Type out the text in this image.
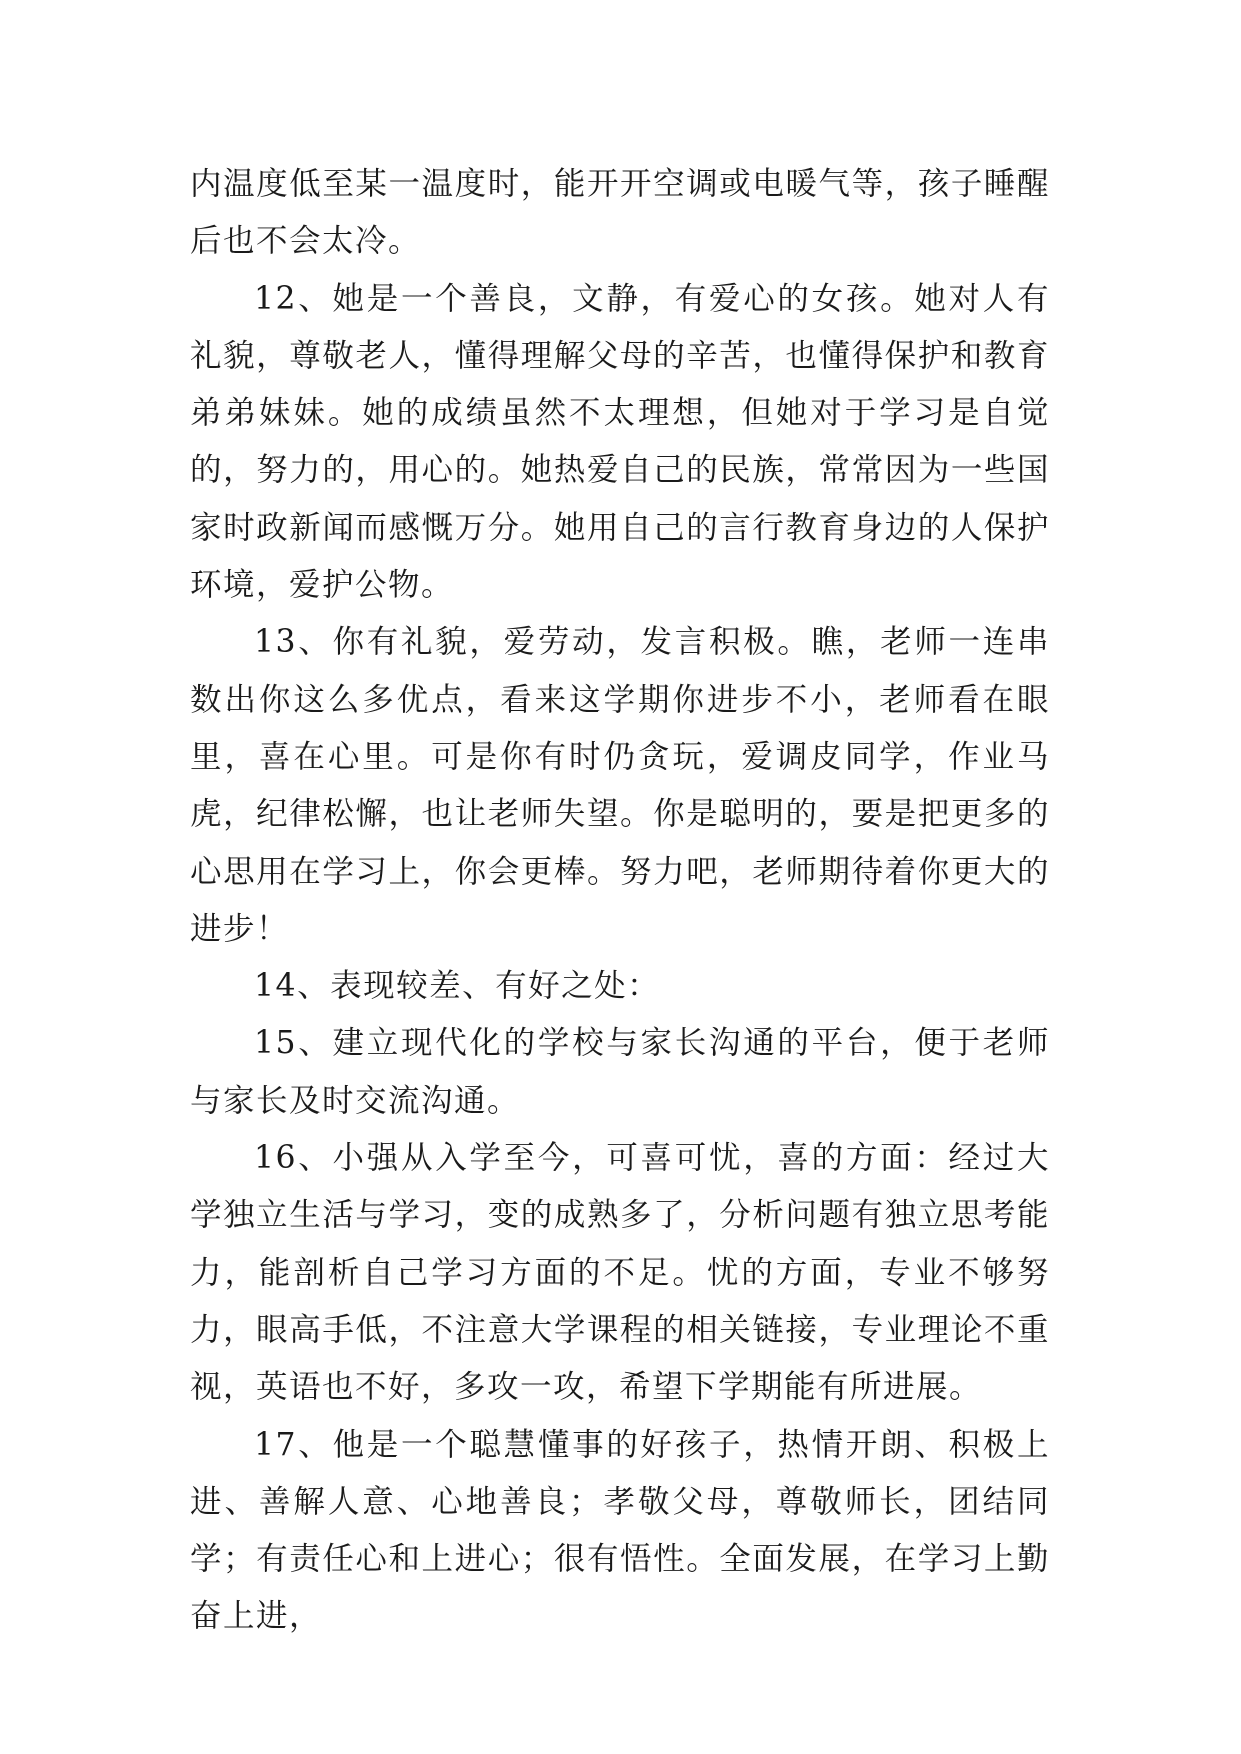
内温度低至某一温度时，能开开空调或电暖气等，孩子睡醒后也不会太冷。

12、她是一个善良，文静，有爱心的女孩。她对人有礼貌，尊敬老人，懂得理解父母的辛苦，也懂得保护和教育弟弟妹妹。她的成绩虽然不太理想，但她对于学习是自觉的，努力的，用心的。她热爱自己的民族，常常因为一些国家时政新闻而感慨万分。她用自己的言行教育身边的人保护环境，爱护公物。

13、你有礼貌，爱劳动，发言积极。瞧，老师一连串数出你这么多优点，看来这学期你进步不小，老师看在眼里，喜在心里。可是你有时仍贪玩，爱调皮同学，作业马虎，纪律松懈，也让老师失望。你是聪明的，要是把更多的心思用在学习上，你会更棒。努力吧，老师期待着你更大的进步！

14、表现较差、有好之处：

15、建立现代化的学校与家长沟通的平台，便于老师与家长及时交流沟通。

16、小强从入学至今，可喜可忧，喜的方面：经过大学独立生活与学习，变的成熟多了，分析问题有独立思考能力，能剖析自己学习方面的不足。忧的方面，专业不够努力，眼高手低，不注意大学课程的相关链接，专业理论不重视，英语也不好，多攻一攻，希望下学期能有所进展。

17、他是一个聪慧懂事的好孩子，热情开朗、积极上进、善解人意、心地善良；孝敬父母，尊敬师长，团结同学；有责任心和上进心；很有悟性。全面发展，在学习上勤奋上进，
